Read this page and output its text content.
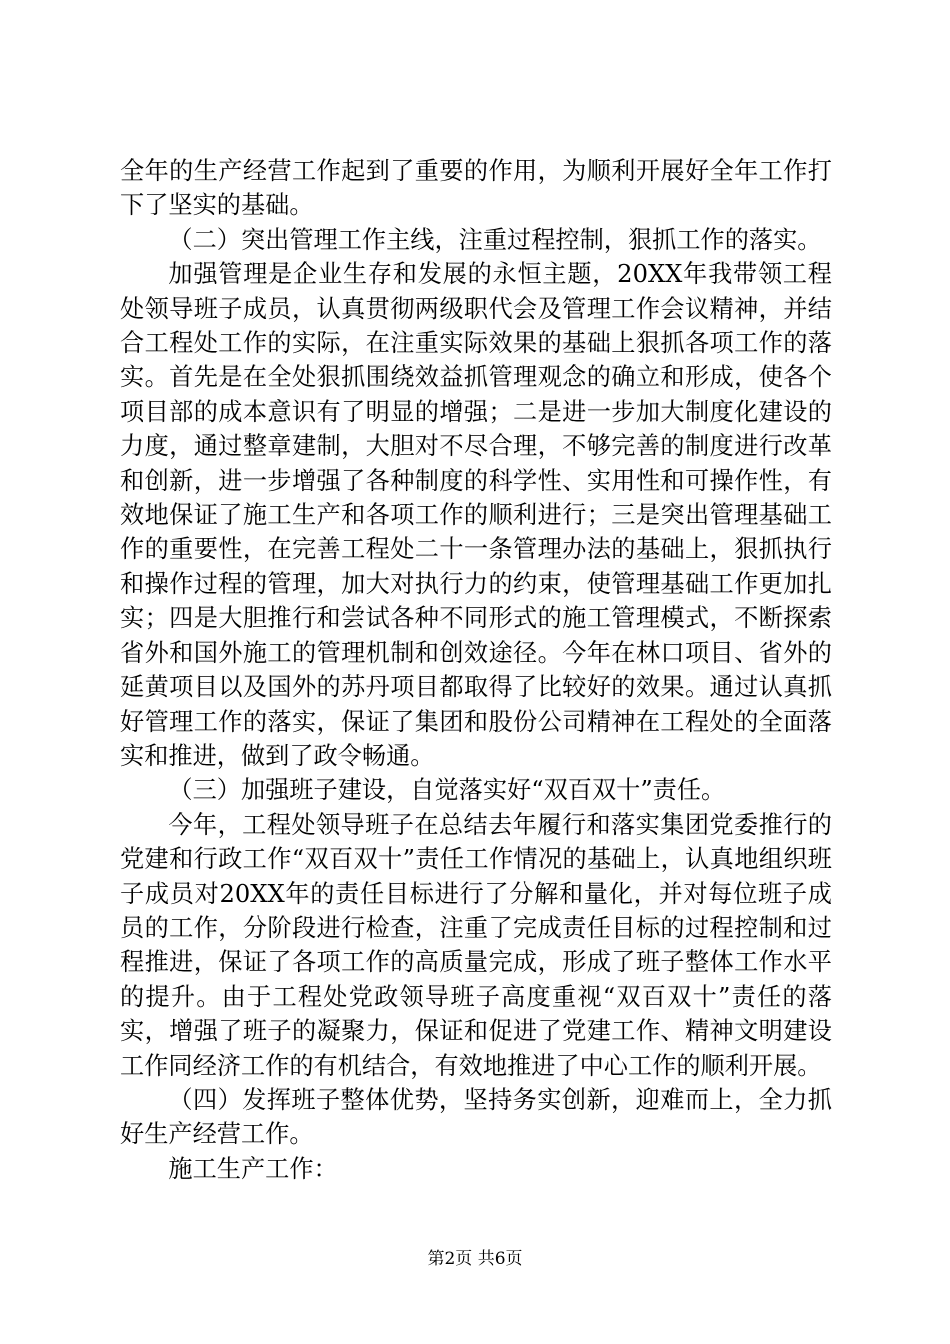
全年的生产经营工作起到了重要的作用，为顺利开展好全年工作打下了坚实的基础。

（二）突出管理工作主线，注重过程控制，狠抓工作的落实。

加强管理是企业生存和发展的永恒主题，20XX年我带领工程处领导班子成员，认真贯彻两级职代会及管理工作会议精神，并结合工程处工作的实际，在注重实际效果的基础上狠抓各项工作的落实。首先是在全处狠抓围绕效益抓管理观念的确立和形成，使各个项目部的成本意识有了明显的增强；二是进一步加大制度化建设的力度，通过整章建制，大胆对不尽合理，不够完善的制度进行改革和创新，进一步增强了各种制度的科学性、实用性和可操作性，有效地保证了施工生产和各项工作的顺利进行；三是突出管理基础工作的重要性，在完善工程处二十一条管理办法的基础上，狠抓执行和操作过程的管理，加大对执行力的约束，使管理基础工作更加扎实；四是大胆推行和尝试各种不同形式的施工管理模式，不断探索省外和国外施工的管理机制和创效途径。今年在林口项目、省外的延黄项目以及国外的苏丹项目都取得了比较好的效果。通过认真抓好管理工作的落实，保证了集团和股份公司精神在工程处的全面落实和推进，做到了政令畅通。

（三）加强班子建设，自觉落实好“双百双十”责任。

今年，工程处领导班子在总结去年履行和落实集团党委推行的党建和行政工作“双百双十”责任工作情况的基础上，认真地组织班子成员对20XX年的责任目标进行了分解和量化，并对每位班子成员的工作，分阶段进行检查，注重了完成责任目标的过程控制和过程推进，保证了各项工作的高质量完成，形成了班子整体工作水平的提升。由于工程处党政领导班子高度重视“双百双十”责任的落实，增强了班子的凝聚力，保证和促进了党建工作、精神文明建设工作同经济工作的有机结合，有效地推进了中心工作的顺利开展。

（四）发挥班子整体优势，坚持务实创新，迎难而上，全力抓好生产经营工作。

施工生产工作：

第2页 共6页
